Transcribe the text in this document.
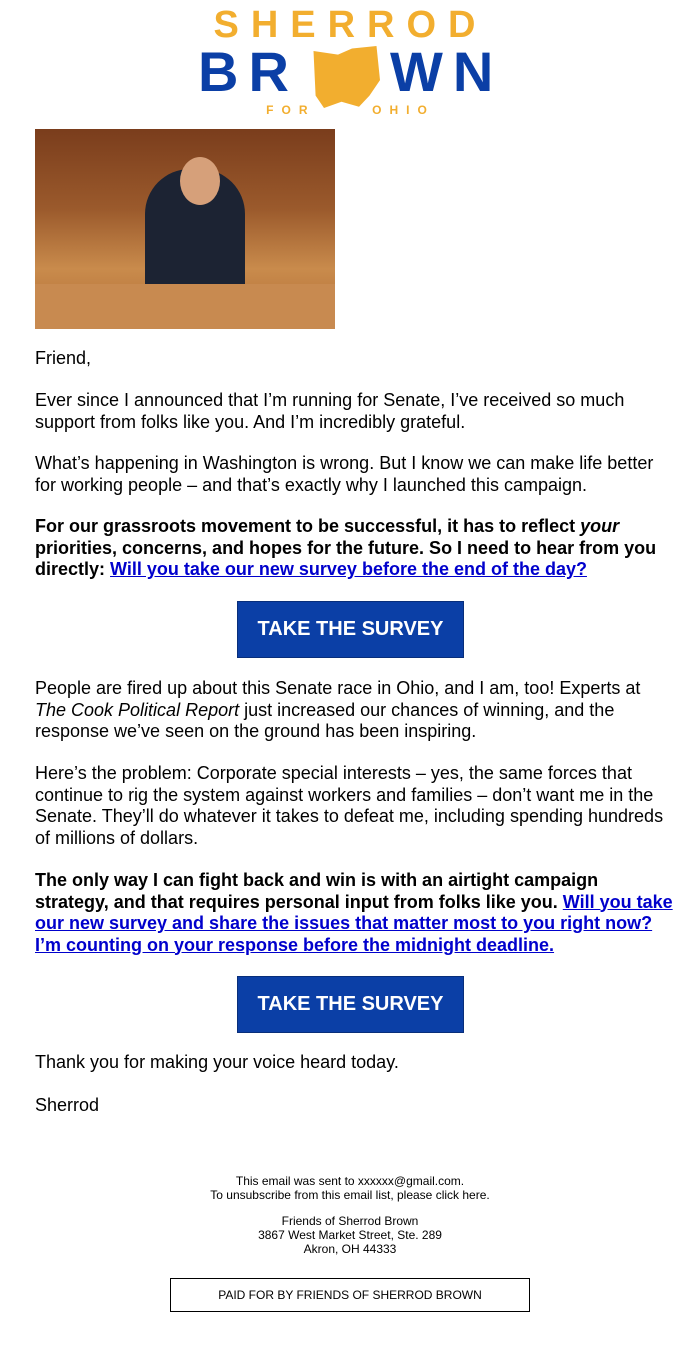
SHERROD
BR  WN
FOR     OHIO
Friend,
Ever since I announced that I’m running for Senate, I’ve received so much support from folks like you. And I’m incredibly grateful.
What’s happening in Washington is wrong. But I know we can make life better for working people – and that’s exactly why I launched this campaign.
For our grassroots movement to be successful, it has to reflect your priorities, concerns, and hopes for the future. So I need to hear from you directly: Will you take our new survey before the end of the day?
TAKE THE SURVEY
People are fired up about this Senate race in Ohio, and I am, too! Experts at The Cook Political Report just increased our chances of winning, and the response we’ve seen on the ground has been inspiring.
Here’s the problem: Corporate special interests – yes, the same forces that continue to rig the system against workers and families – don’t want me in the Senate. They’ll do whatever it takes to defeat me, including spending hundreds of millions of dollars.
The only way I can fight back and win is with an airtight campaign strategy, and that requires personal input from folks like you. Will you take our new survey and share the issues that matter most to you right now? I’m counting on your response before the midnight deadline.
TAKE THE SURVEY
Thank you for making your voice heard today.
Sherrod
This email was sent to xxxxxx@gmail.com.
To unsubscribe from this email list, please click here.
Friends of Sherrod Brown
3867 West Market Street, Ste. 289
Akron, OH 44333
PAID FOR BY FRIENDS OF SHERROD BROWN
